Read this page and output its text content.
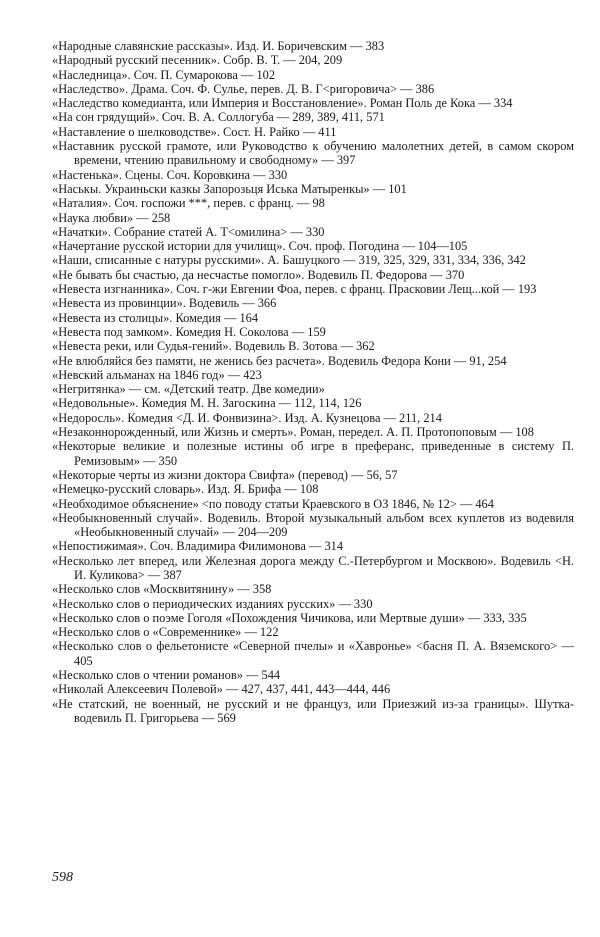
«Народные славянские рассказы». Изд. И. Боричевским — 383
«Народный русский песенник». Собр. В. Т. — 204, 209
«Наследница». Соч. П. Сумарокова — 102
«Наследство». Драма. Соч. Ф. Сулье, перев. Д. В. Г<ригоровича> — 386
«Наследство комедианта, или Империя и Восстановление». Роман Поль де Кока — 334
«На сон грядущий». Соч. В. А. Соллогуба — 289, 389, 411, 571
«Наставление о шелководстве». Сост. Н. Райко — 411
«Наставник русской грамоте, или Руководство к обучению малолетних детей, в самом скором времени, чтению правильному и свободному» — 397
«Настенька». Сцены. Соч. Коровкина — 330
«Наськы. Украиньски казкы Запорозьця Иська Матыренкы» — 101
«Наталия». Соч. госпожи ***, перев. с франц. — 98
«Наука любви» — 258
«Начатки». Собрание статей А. Т<омилина> — 330
«Начертание русской истории для училищ». Соч. проф. Погодина — 104—105
«Наши, списанные с натуры русскими». А. Башуцкого — 319, 325, 329, 331, 334, 336, 342
«Не бывать бы счастью, да несчастье помогло». Водевиль П. Федорова — 370
«Невеста изгнанника». Соч. г-жи Евгении Фоа, перев. с франц. Прасковии Лещ...кой — 193
«Невеста из провинции». Водевиль — 366
«Невеста из столицы». Комедия — 164
«Невеста под замком». Комедия Н. Соколова — 159
«Невеста реки, или Судья-гений». Водевиль В. Зотова — 362
«Не влюбляйся без памяти, не женись без расчета». Водевиль Федора Кони — 91, 254
«Невский альманах на 1846 год» — 423
«Негритянка» — см. «Детский театр. Две комедии»
«Недовольные». Комедия М. Н. Загоскина — 112, 114, 126
«Недоросль». Комедия <Д. И. Фонвизина>. Изд. А. Кузнецова — 211, 214
«Незаконнорожденный, или Жизнь и смерть». Роман, передел. А. П. Протопоповым — 108
«Некоторые великие и полезные истины об игре в преферанс, приведенные в систему П. Ремизовым» — 350
«Некоторые черты из жизни доктора Свифта» (перевод) — 56, 57
«Немецко-русский словарь». Изд. Я. Брифа — 108
«Необходимое объяснение» <по поводу статьи Краевского в ОЗ 1846, № 12> — 464
«Необыкновенный случай». Водевиль. Второй музыкальный альбом всех куплетов из водевиля «Необыкновенный случай» — 204—209
«Непостижимая». Соч. Владимира Филимонова — 314
«Несколько лет вперед, или Железная дорога между С.-Петербургом и Москвою». Водевиль <Н. И. Куликова> — 387
«Несколько слов «Москвитянину» — 358
«Несколько слов о периодических изданиях русских» — 330
«Несколько слов о поэме Гоголя «Похождения Чичикова, или Мертвые души» — 333, 335
«Несколько слов о «Современнике» — 122
«Несколько слов о фельетонисте «Северной пчелы» и «Хавронье» <басня П. А. Вяземского> — 405
«Несколько слов о чтении романов» — 544
«Николай Алексеевич Полевой» — 427, 437, 441, 443—444, 446
«Не статский, не военный, не русский и не француз, или Приезжий из-за границы». Шутка-водевиль П. Григорьева — 569
598
